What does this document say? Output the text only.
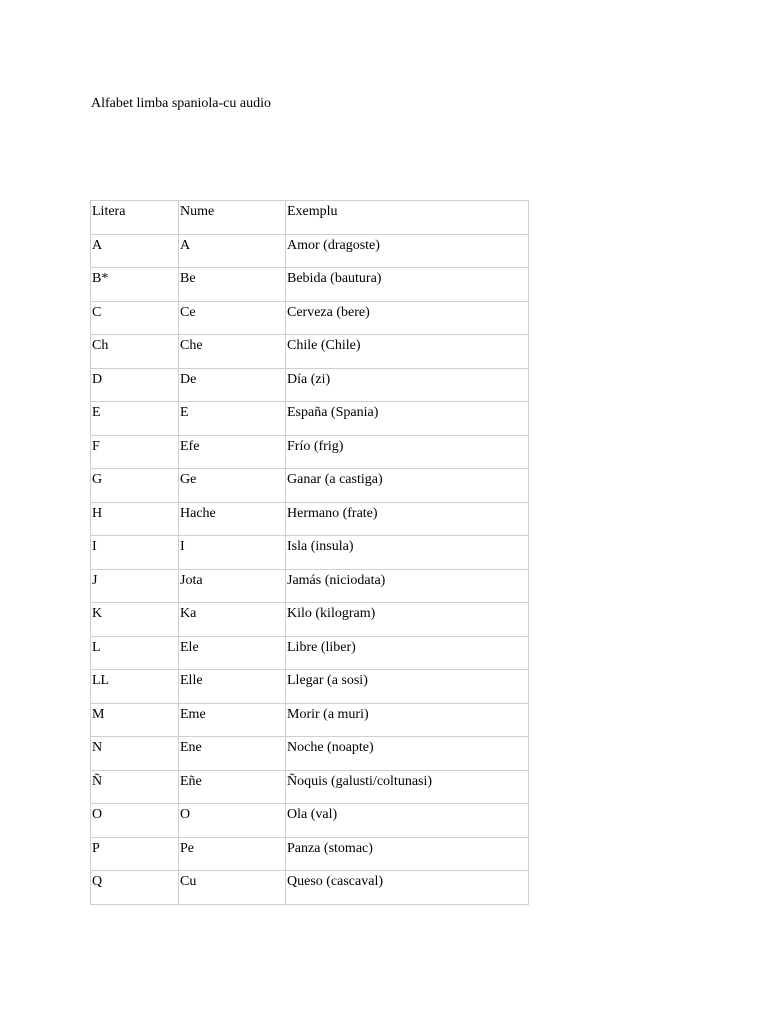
Alfabet limba spaniola-cu audio
Litera	Nume	Exemplu

A	A	Amor (dragoste)

B*	Be	Bebida (bautura)

C	Ce	Cerveza (bere)

Ch	Che	Chile (Chile)

D	De	Día (zi)

E	E	España (Spania)

F	Efe	Frío (frig)

G	Ge	Ganar (a castiga)

H	Hache	Hermano (frate)

I	I	Isla (insula)

J	Jota	Jamás (niciodata)

K	Ka	Kilo (kilogram)

L	Ele	Libre (liber)

LL	Elle	Llegar (a sosi)

M	Eme	Morir (a muri)

N	Ene	Noche (noapte)

Ñ	Eñe	Ñoquis (galusti/coltunasi)

O	O	Ola (val)

P	Pe	Panza (stomac)

Q	Cu	Queso (cascaval)
